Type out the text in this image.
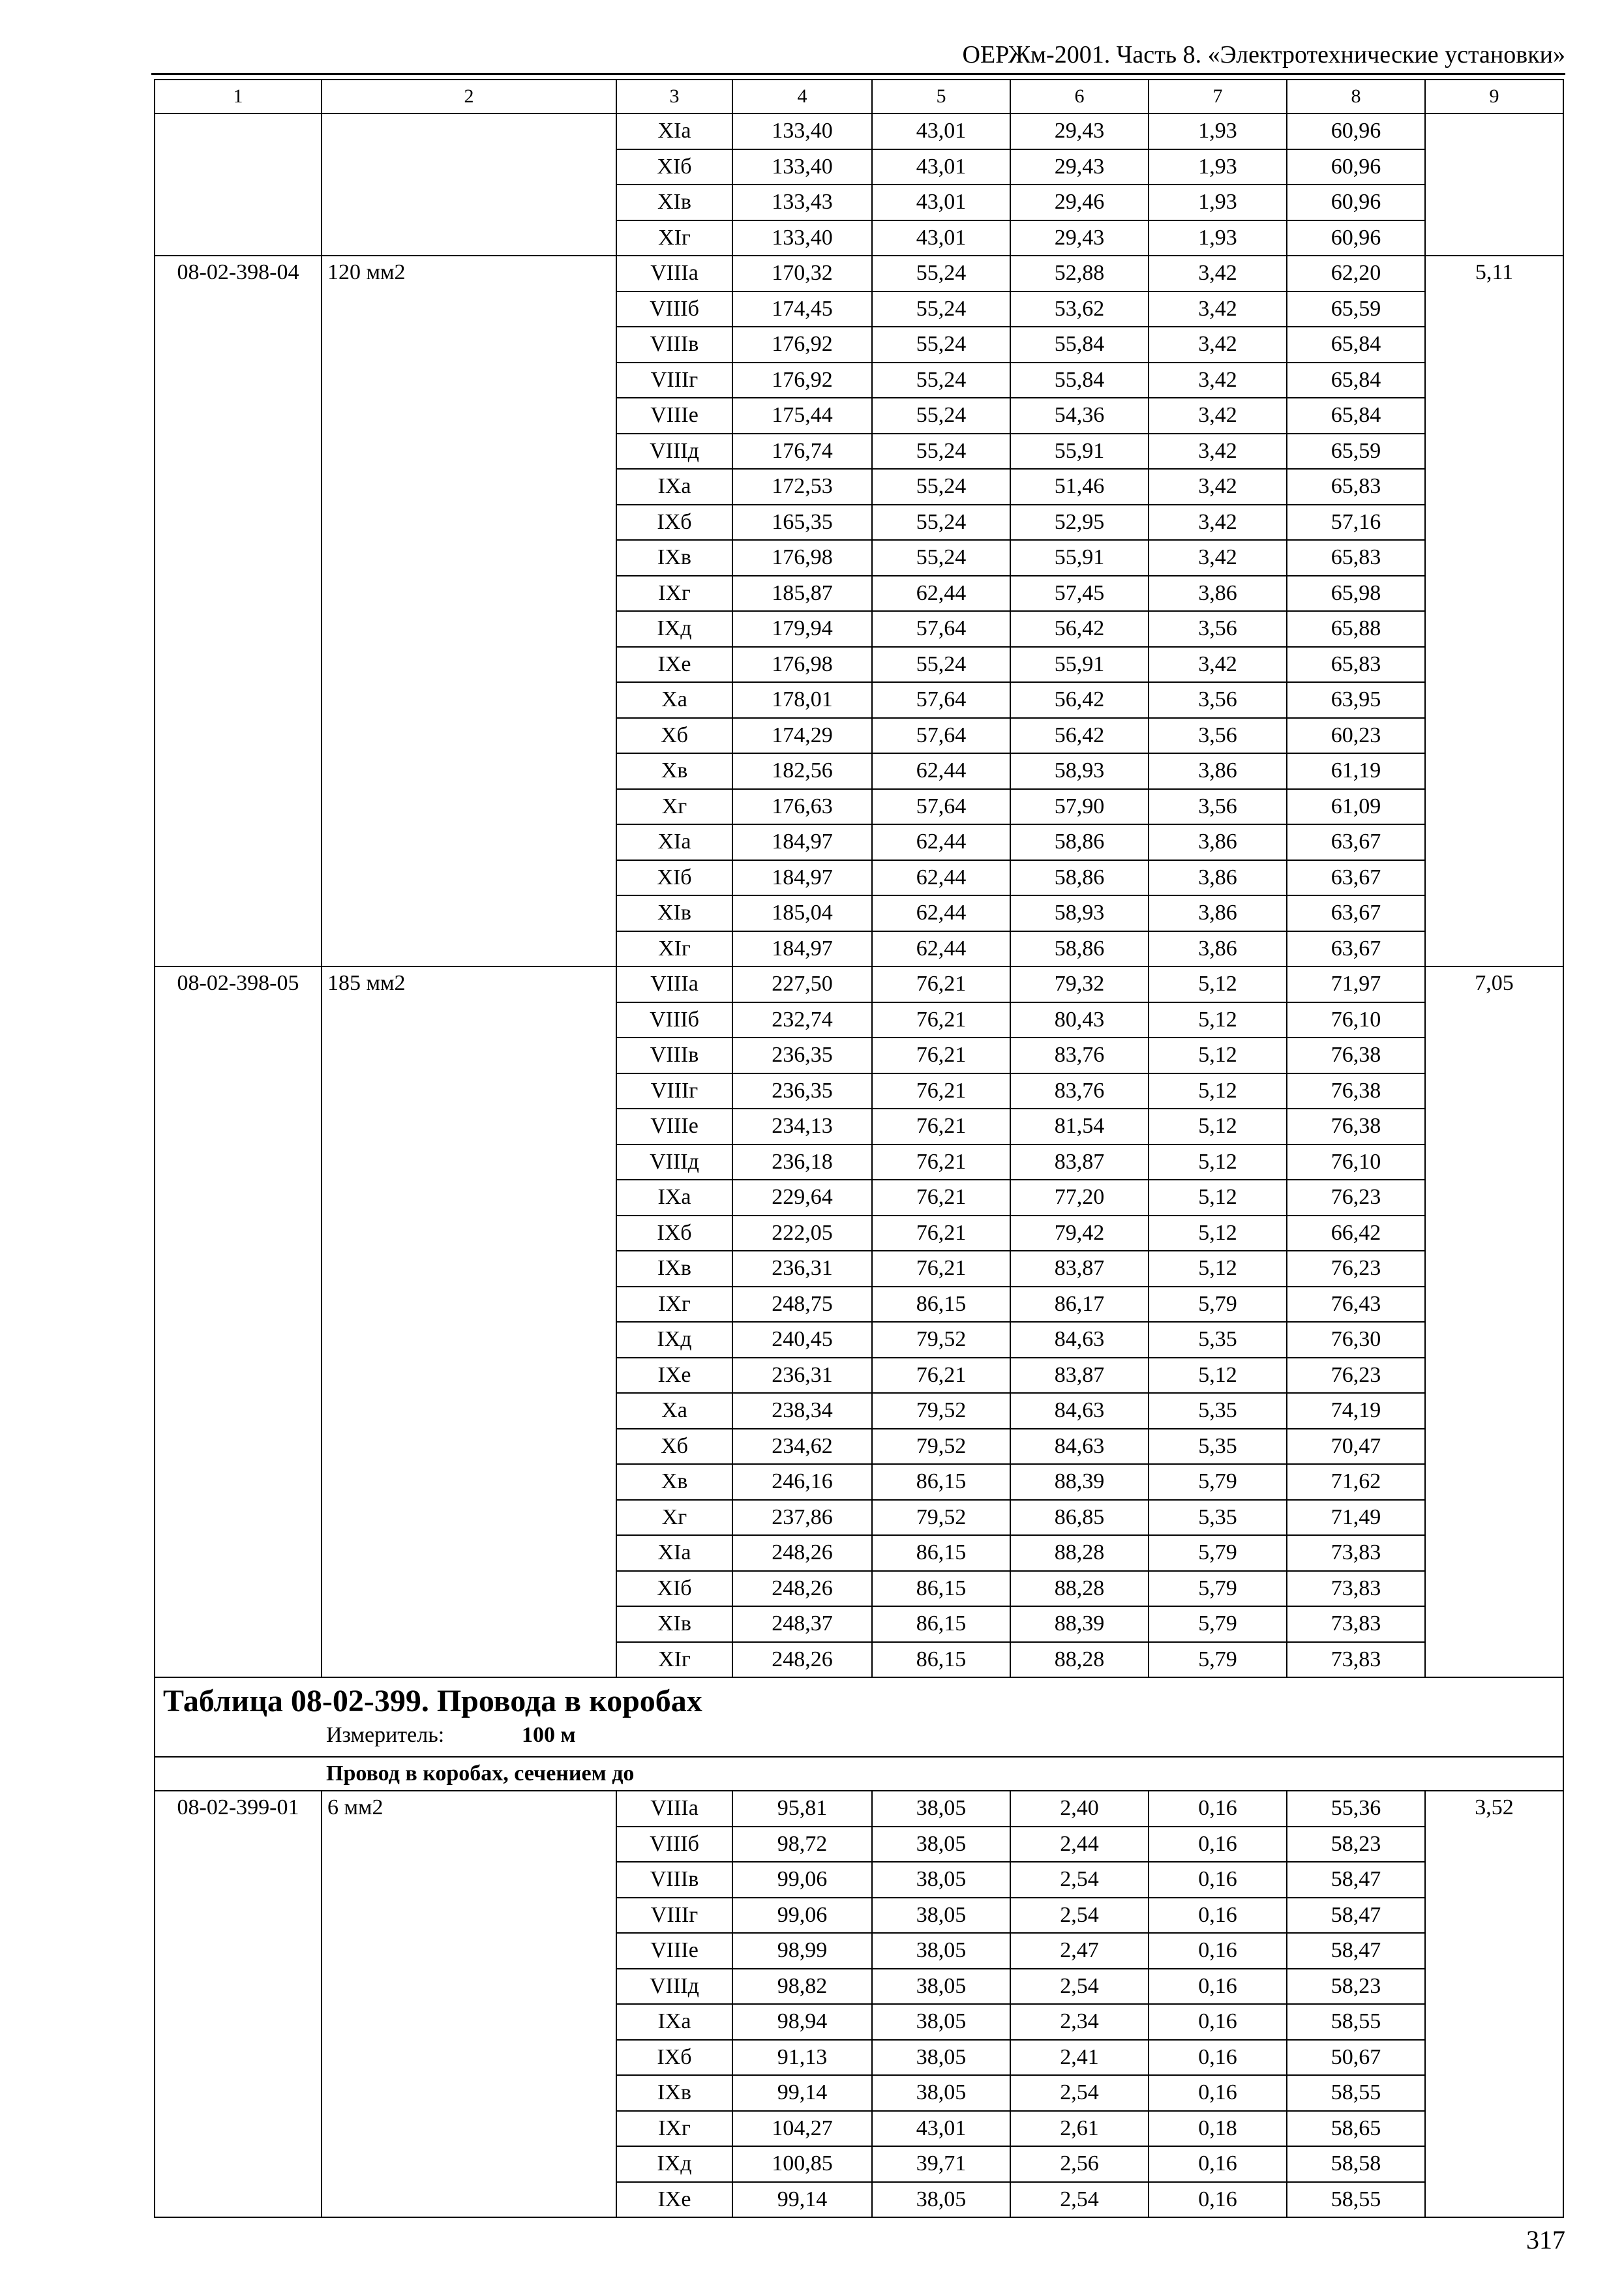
ОЕРЖм-2001. Часть 8. «Электротехнические установки»
1	2	3	4	5	6	7	8	9
		XIа	133,40	43,01	29,43	1,93	60,96	
		XIб	133,40	43,01	29,43	1,93	60,96	
		XIв	133,43	43,01	29,46	1,93	60,96	
		XIг	133,40	43,01	29,43	1,93	60,96	
08-02-398-04	120 мм2	VIIIа	170,32	55,24	52,88	3,42	62,20	5,11
		VIIIб	174,45	55,24	53,62	3,42	65,59	
		VIIIв	176,92	55,24	55,84	3,42	65,84	
		VIIIг	176,92	55,24	55,84	3,42	65,84	
		VIIIе	175,44	55,24	54,36	3,42	65,84	
		VIIIд	176,74	55,24	55,91	3,42	65,59	
		IXа	172,53	55,24	51,46	3,42	65,83	
		IXб	165,35	55,24	52,95	3,42	57,16	
		IXв	176,98	55,24	55,91	3,42	65,83	
		IXг	185,87	62,44	57,45	3,86	65,98	
		IXд	179,94	57,64	56,42	3,56	65,88	
		IXе	176,98	55,24	55,91	3,42	65,83	
		Xа	178,01	57,64	56,42	3,56	63,95	
		Xб	174,29	57,64	56,42	3,56	60,23	
		Xв	182,56	62,44	58,93	3,86	61,19	
		Xг	176,63	57,64	57,90	3,56	61,09	
		XIа	184,97	62,44	58,86	3,86	63,67	
		XIб	184,97	62,44	58,86	3,86	63,67	
		XIв	185,04	62,44	58,93	3,86	63,67	
		XIг	184,97	62,44	58,86	3,86	63,67	
08-02-398-05	185 мм2	VIIIа	227,50	76,21	79,32	5,12	71,97	7,05
		VIIIб	232,74	76,21	80,43	5,12	76,10	
		VIIIв	236,35	76,21	83,76	5,12	76,38	
		VIIIг	236,35	76,21	83,76	5,12	76,38	
		VIIIе	234,13	76,21	81,54	5,12	76,38	
		VIIIд	236,18	76,21	83,87	5,12	76,10	
		IXа	229,64	76,21	77,20	5,12	76,23	
		IXб	222,05	76,21	79,42	5,12	66,42	
		IXв	236,31	76,21	83,87	5,12	76,23	
		IXг	248,75	86,15	86,17	5,79	76,43	
		IXд	240,45	79,52	84,63	5,35	76,30	
		IXе	236,31	76,21	83,87	5,12	76,23	
		Xа	238,34	79,52	84,63	5,35	74,19	
		Xб	234,62	79,52	84,63	5,35	70,47	
		Xв	246,16	86,15	88,39	5,79	71,62	
		Xг	237,86	79,52	86,85	5,35	71,49	
		XIа	248,26	86,15	88,28	5,79	73,83	
		XIб	248,26	86,15	88,28	5,79	73,83	
		XIв	248,37	86,15	88,39	5,79	73,83	
		XIг	248,26	86,15	88,28	5,79	73,83	

Таблица 08-02-399. Провода в коробах
Измеритель: 100 м								

Провод в коробах, сечением до								
08-02-399-01	6 мм2	VIIIа	95,81	38,05	2,40	0,16	55,36	3,52
		VIIIб	98,72	38,05	2,44	0,16	58,23	
		VIIIв	99,06	38,05	2,54	0,16	58,47	
		VIIIг	99,06	38,05	2,54	0,16	58,47	
		VIIIе	98,99	38,05	2,47	0,16	58,47	
		VIIIд	98,82	38,05	2,54	0,16	58,23	
		IXа	98,94	38,05	2,34	0,16	58,55	
		IXб	91,13	38,05	2,41	0,16	50,67	
		IXв	99,14	38,05	2,54	0,16	58,55	
		IXг	104,27	43,01	2,61	0,18	58,65	
		IXд	100,85	39,71	2,56	0,16	58,58	
		IXе	99,14	38,05	2,54	0,16	58,55	
317
